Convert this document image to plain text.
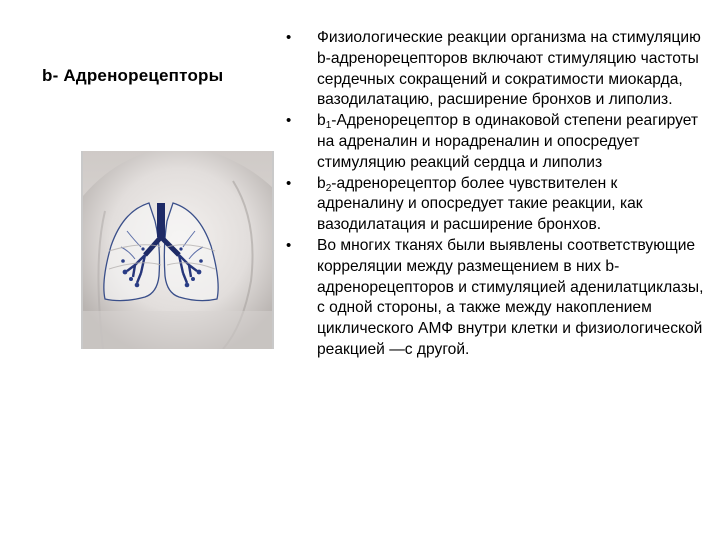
b- Адренорецепторы
• Физиологические реакции организма на стимуляцию b-адренорецепторов включают стимуляцию частоты сердечных сокращений и сократимости миокарда, вазодилатацию, расширение бронхов и липолиз.
• $b_1$-Адренорецептор в одинаковой степени реагирует на адреналин и норадреналин и опосредует стимуляцию реакций сердца и липолиз
• $b_2$-адренорецептор более чувствителен к адреналину и опосредует такие реакции, как вазодилатация и расширение бронхов.
• Во многих тканях были выявлены соответствующие корреляции между размещением в них b-адренорецепторов и стимуляцией аденилатциклазы, с одной стороны, а также между накоплением циклического АМФ внутри клетки и физиологической реакцией —с другой.
